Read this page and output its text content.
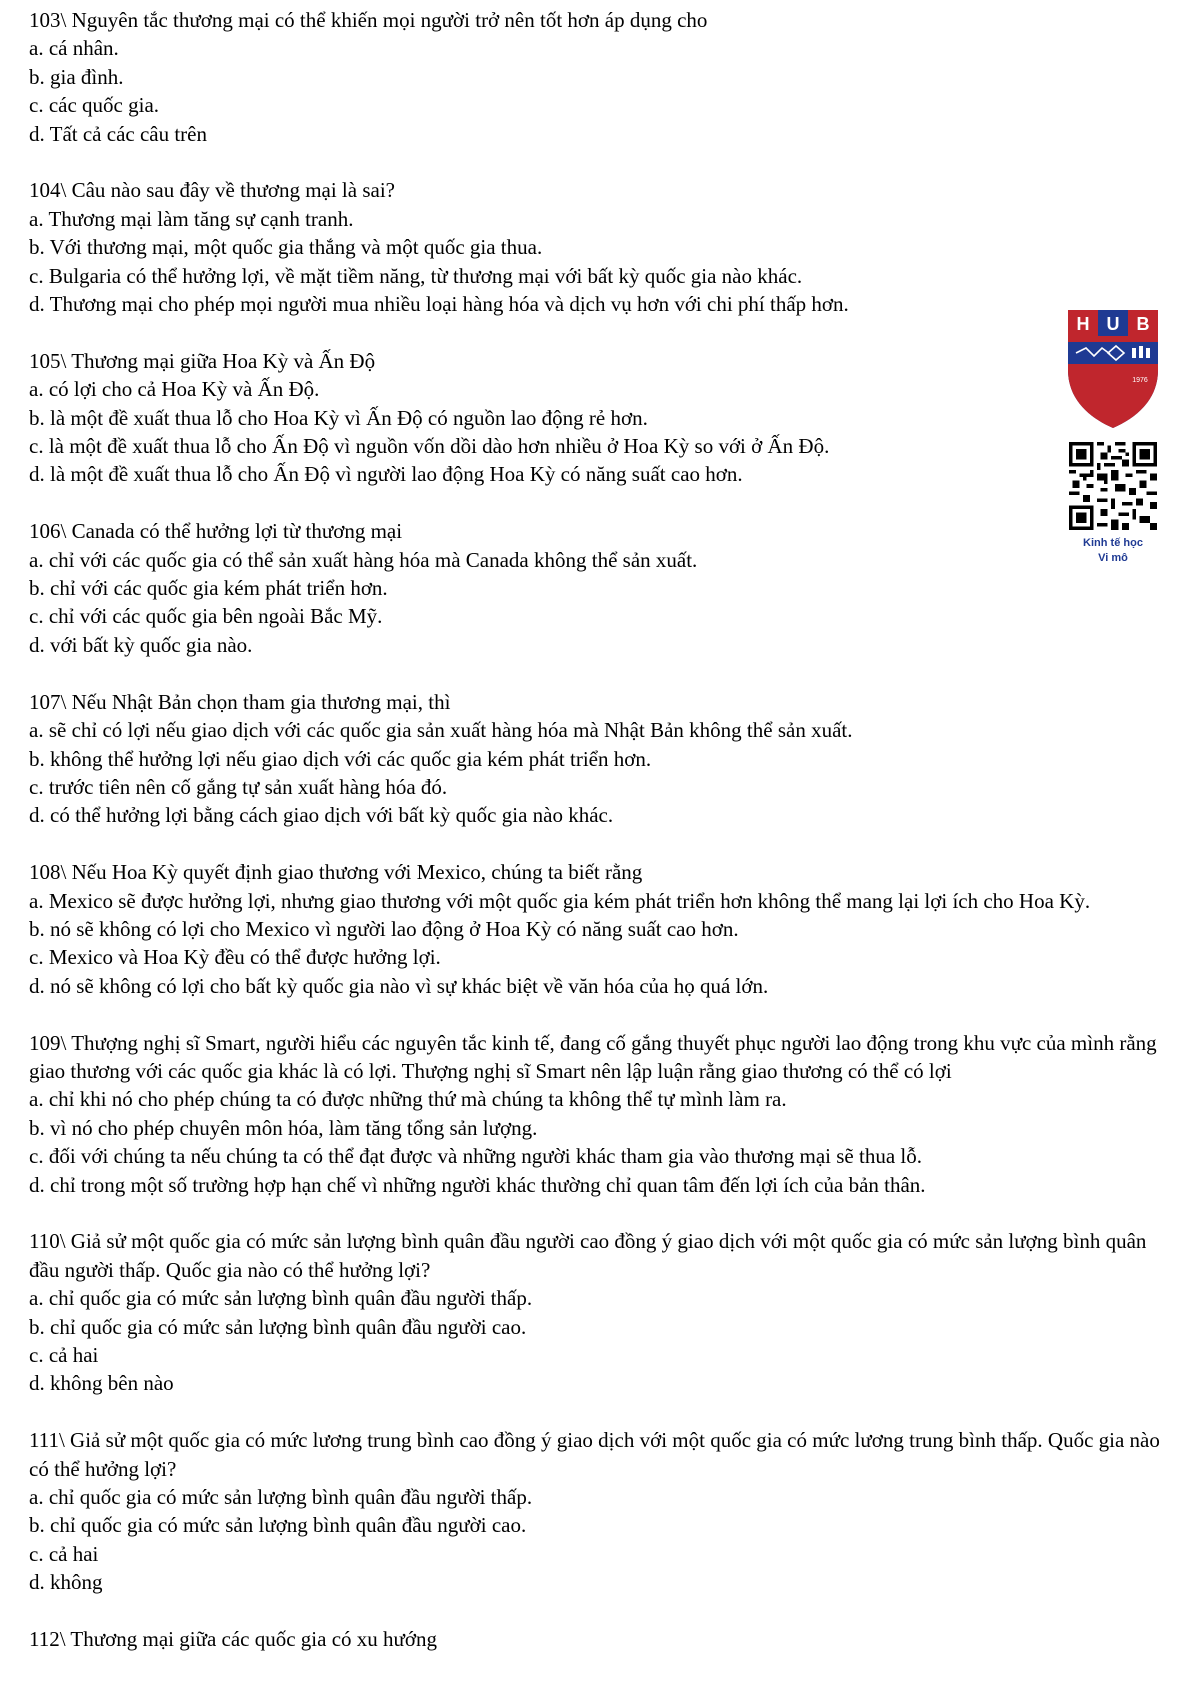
103\ Nguyên tắc thương mại có thể khiến mọi người trở nên tốt hơn áp dụng cho

a. cá nhân.

b. gia đình.

c. các quốc gia.

d. Tất cả các câu trên

104\ Câu nào sau đây về thương mại là sai?

a. Thương mại làm tăng sự cạnh tranh.

b. Với thương mại, một quốc gia thắng và một quốc gia thua.

c. Bulgaria có thể hưởng lợi, về mặt tiềm năng, từ thương mại với bất kỳ quốc gia nào khác.

d. Thương mại cho phép mọi người mua nhiều loại hàng hóa và dịch vụ hơn với chi phí thấp hơn.

105\ Thương mại giữa Hoa Kỳ và Ấn Độ

a. có lợi cho cả Hoa Kỳ và Ấn Độ.

b. là một đề xuất thua lỗ cho Hoa Kỳ vì Ấn Độ có nguồn lao động rẻ hơn.

c. là một đề xuất thua lỗ cho Ấn Độ vì nguồn vốn dồi dào hơn nhiều ở Hoa Kỳ so với ở Ấn Độ.

d. là một đề xuất thua lỗ cho Ấn Độ vì người lao động Hoa Kỳ có năng suất cao hơn.

106\ Canada có thể hưởng lợi từ thương mại

a. chỉ với các quốc gia có thể sản xuất hàng hóa mà Canada không thể sản xuất.

b. chỉ với các quốc gia kém phát triển hơn.

c. chỉ với các quốc gia bên ngoài Bắc Mỹ.

d. với bất kỳ quốc gia nào.

107\ Nếu Nhật Bản chọn tham gia thương mại, thì

a. sẽ chỉ có lợi nếu giao dịch với các quốc gia sản xuất hàng hóa mà Nhật Bản không thể sản xuất.

b. không thể hưởng lợi nếu giao dịch với các quốc gia kém phát triển hơn.

c. trước tiên nên cố gắng tự sản xuất hàng hóa đó.

d. có thể hưởng lợi bằng cách giao dịch với bất kỳ quốc gia nào khác.

108\ Nếu Hoa Kỳ quyết định giao thương với Mexico, chúng ta biết rằng

a. Mexico sẽ được hưởng lợi, nhưng giao thương với một quốc gia kém phát triển hơn không thể mang lại lợi ích cho Hoa Kỳ.

b. nó sẽ không có lợi cho Mexico vì người lao động ở Hoa Kỳ có năng suất cao hơn.

c. Mexico và Hoa Kỳ đều có thể được hưởng lợi.

d. nó sẽ không có lợi cho bất kỳ quốc gia nào vì sự khác biệt về văn hóa của họ quá lớn.

109\ Thượng nghị sĩ Smart, người hiểu các nguyên tắc kinh tế, đang cố gắng thuyết phục người lao động trong khu vực của mình rằng giao thương với các quốc gia khác là có lợi. Thượng nghị sĩ Smart nên lập luận rằng giao thương có thể có lợi

a. chỉ khi nó cho phép chúng ta có được những thứ mà chúng ta không thể tự mình làm ra.

b. vì nó cho phép chuyên môn hóa, làm tăng tổng sản lượng.

c. đối với chúng ta nếu chúng ta có thể đạt được và những người khác tham gia vào thương mại sẽ thua lỗ.

d. chỉ trong một số trường hợp hạn chế vì những người khác thường chỉ quan tâm đến lợi ích của bản thân.

110\ Giả sử một quốc gia có mức sản lượng bình quân đầu người cao đồng ý giao dịch với một quốc gia có mức sản lượng bình quân đầu người thấp. Quốc gia nào có thể hưởng lợi?

a. chỉ quốc gia có mức sản lượng bình quân đầu người thấp.

b. chỉ quốc gia có mức sản lượng bình quân đầu người cao.

c. cả hai

d. không bên nào

111\ Giả sử một quốc gia có mức lương trung bình cao đồng ý giao dịch với một quốc gia có mức lương trung bình thấp. Quốc gia nào có thể hưởng lợi?

a. chỉ quốc gia có mức sản lượng bình quân đầu người thấp.

b. chỉ quốc gia có mức sản lượng bình quân đầu người cao.

c. cả hai

d. không

112\ Thương mại giữa các quốc gia có xu hướng

H U B
1976
Kinh tế học
Vi mô
